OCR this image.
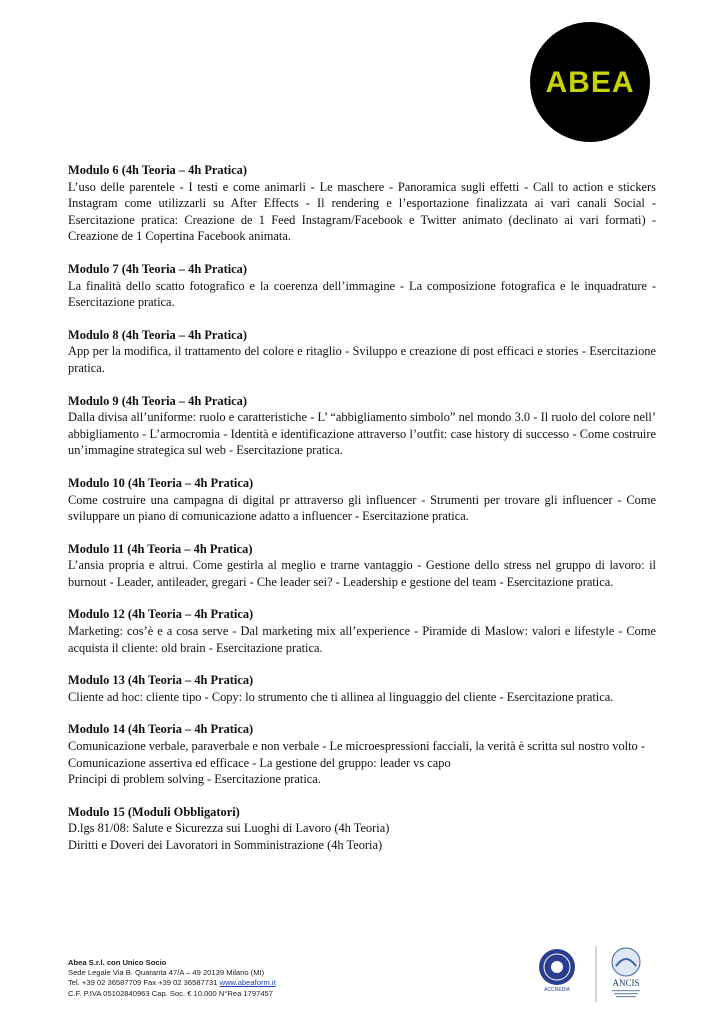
ABEA
Modulo 6 (4h Teoria – 4h Pratica)
L’uso delle parentele - I testi e come animarli - Le maschere - Panoramica sugli effetti - Call to action e stickers Instagram come utilizzarli su After Effects - Il rendering e l’esportazione finalizzata ai vari canali Social - Esercitazione pratica: Creazione de 1 Feed Instagram/Facebook e Twitter animato (declinato ai vari formati) - Creazione de 1 Copertina Facebook animata.
Modulo 7 (4h Teoria – 4h Pratica)
La finalità dello scatto fotografico e la coerenza dell’immagine - La composizione fotografica e le inquadrature - Esercitazione pratica.
Modulo 8 (4h Teoria – 4h Pratica)
App per la modifica, il trattamento del colore e ritaglio - Sviluppo e creazione di post efficaci e stories - Esercitazione pratica.
Modulo 9 (4h Teoria – 4h Pratica)
Dalla divisa all’uniforme: ruolo e caratteristiche - L’ “abbigliamento simbolo” nel mondo 3.0 - Il ruolo del colore nell’ abbigliamento - L’armocromia - Identità e identificazione attraverso l’outfit: case history di successo - Come costruire un’immagine strategica sul web - Esercitazione pratica.
Modulo 10 (4h Teoria – 4h Pratica)
Come costruire una campagna di digital pr attraverso gli influencer - Strumenti per trovare gli influencer - Come sviluppare un piano di comunicazione adatto a influencer - Esercitazione pratica.
Modulo 11 (4h Teoria – 4h Pratica)
L’ansia propria e altrui. Come gestirla al meglio e trarne vantaggio - Gestione dello stress nel gruppo di lavoro: il burnout - Leader, antileader, gregari - Che leader sei? - Leadership e gestione del team - Esercitazione pratica.
Modulo 12 (4h Teoria – 4h Pratica)
Marketing: cos’è e a cosa serve - Dal marketing mix all’experience - Piramide di Maslow: valori e lifestyle - Come acquista il cliente: old brain - Esercitazione pratica.
Modulo 13 (4h Teoria – 4h Pratica)
Cliente ad hoc: cliente tipo - Copy: lo strumento che ti allinea al linguaggio del cliente - Esercitazione pratica.
Modulo 14 (4h Teoria – 4h Pratica)
Comunicazione verbale, paraverbale e non verbale - Le microespressioni facciali, la verità è scritta sul nostro volto - Comunicazione assertiva ed efficace - La gestione del gruppo: leader vs capo
Principi di problem solving - Esercitazione pratica.
Modulo 15 (Moduli Obbligatori)
D.lgs 81/08: Salute e Sicurezza sui Luoghi di Lavoro (4h Teoria)
Diritti e Doveri dei Lavoratori in Somministrazione (4h Teoria)
Abea S.r.l. con Unico Socio
Sede Legale Via B. Quaranta 47/A – 49 20139 Milano (MI)
Tel. +39 02 36587709 Fax +39 02 36587731 www.abeaform.it
C.F. P.IVA 05102840963 Cap. Soc. € 10.000 N°Rea 1797457	ACCREDIA
ANCIS
